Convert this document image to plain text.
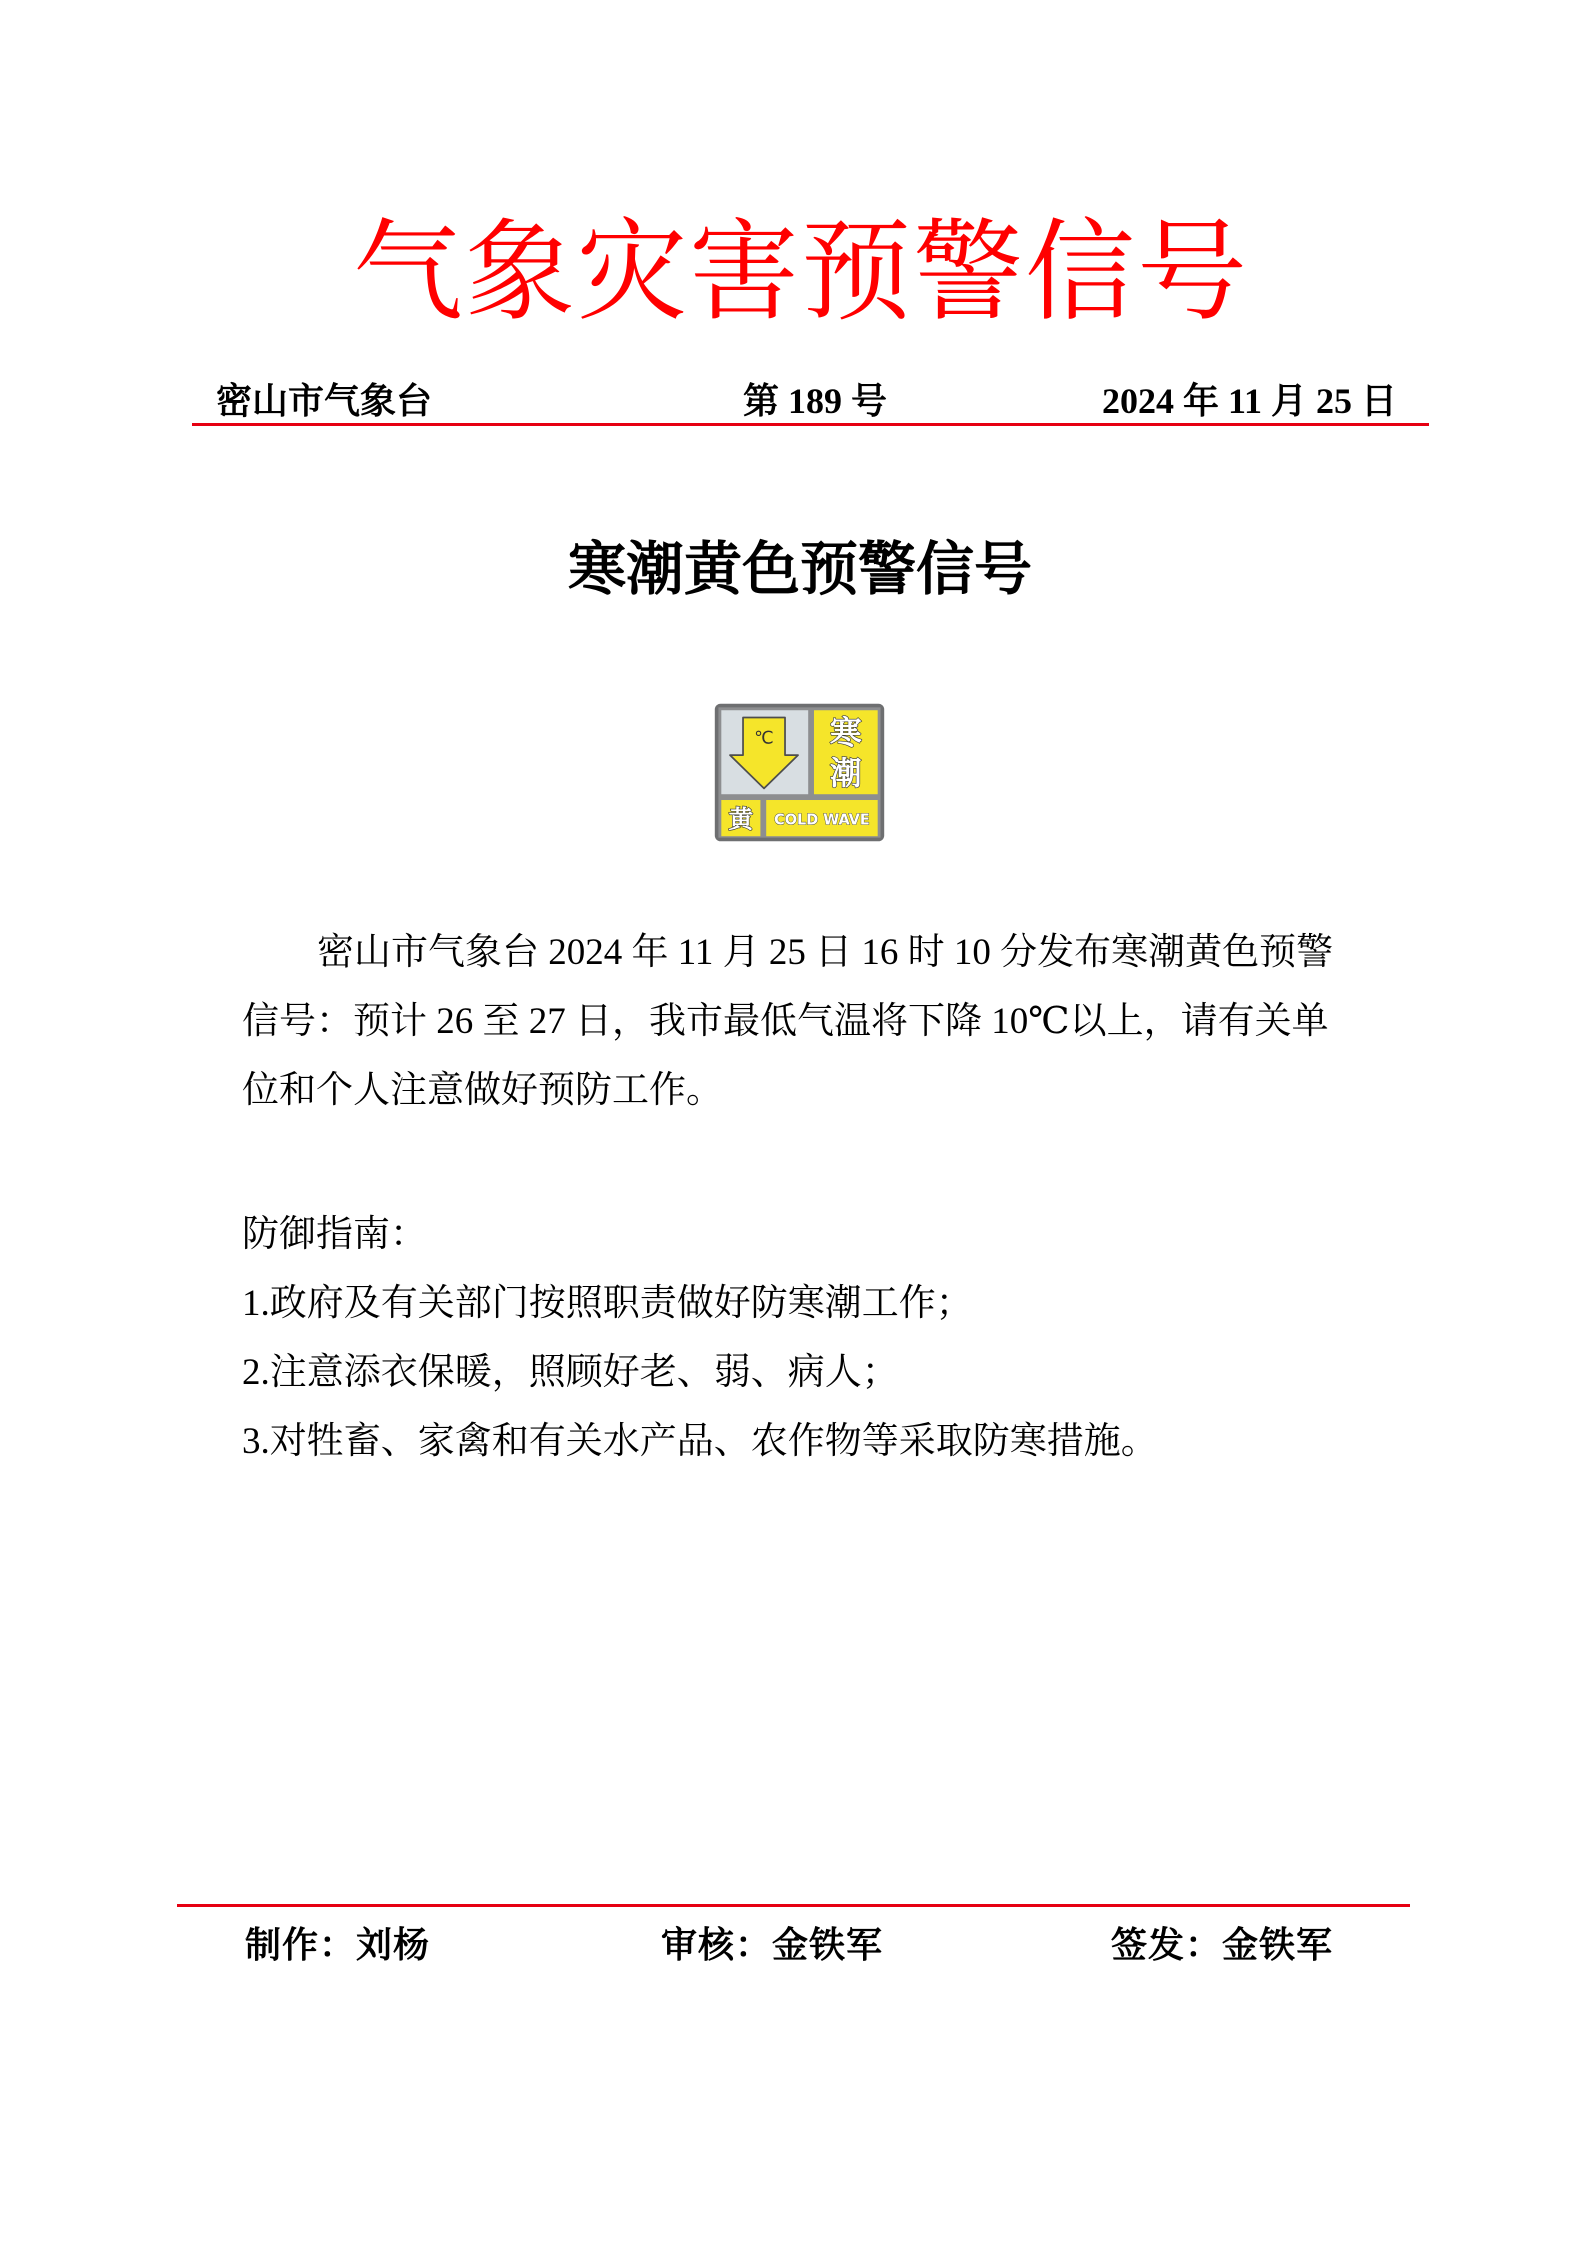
气象灾害预警信号
密山市气象台	第 189 号	2024 年 11 月 25 日
寒潮黄色预警信号
℃	寒
潮
黄 COLD WAVE
密山市气象台 2024 年 11 月 25 日 16 时 10 分发布寒潮黄色预警
信号：预计 26 至 27 日，我市最低气温将下降 10℃以上，请有关单
位和个人注意做好预防工作。
防御指南：
1.政府及有关部门按照职责做好防寒潮工作；
2.注意添衣保暖，照顾好老、弱、病人；
3.对牲畜、家禽和有关水产品、农作物等采取防寒措施。
制作：刘杨	审核：金铁军	签发：金铁军
